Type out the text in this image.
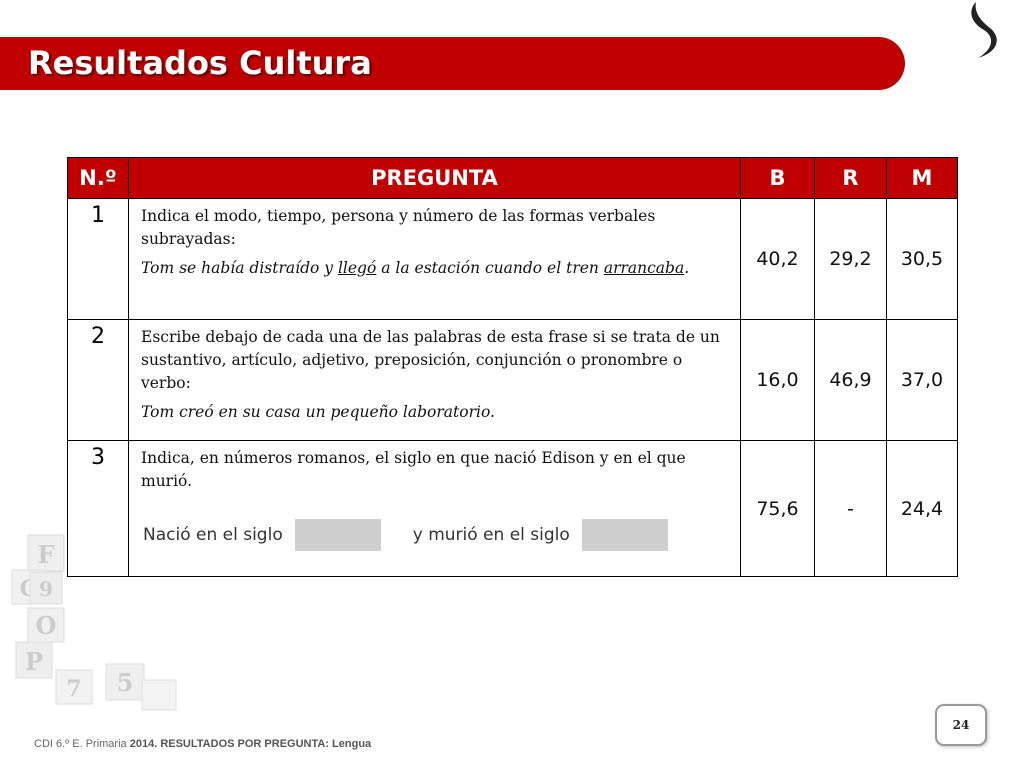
Resultados Cultura
N.º	PREGUNTA	B	R	M
1	Indica el modo, tiempo, persona y número de las formas verbales subrayadas:

Tom se había distraído y llegó a la estación cuando el tren arrancaba.	40,2	29,2	30,5
2	Escribe debajo de cada una de las palabras de esta frase si se trata de un sustantivo, artículo, adjetivo, preposición, conjunción o pronombre o verbo:

Tom creó en su casa un pequeño laboratorio.	16,0	46,9	37,0
3	Indica, en números romanos, el siglo en que nació Edison y en el que murió.

Nació en el siglo y murió en el siglo	75,6	-	24,4
F
G 9
O
P
7 5
CDI 6.º E. Primaria 2014. RESULTADOS POR PREGUNTA: Lengua
24
